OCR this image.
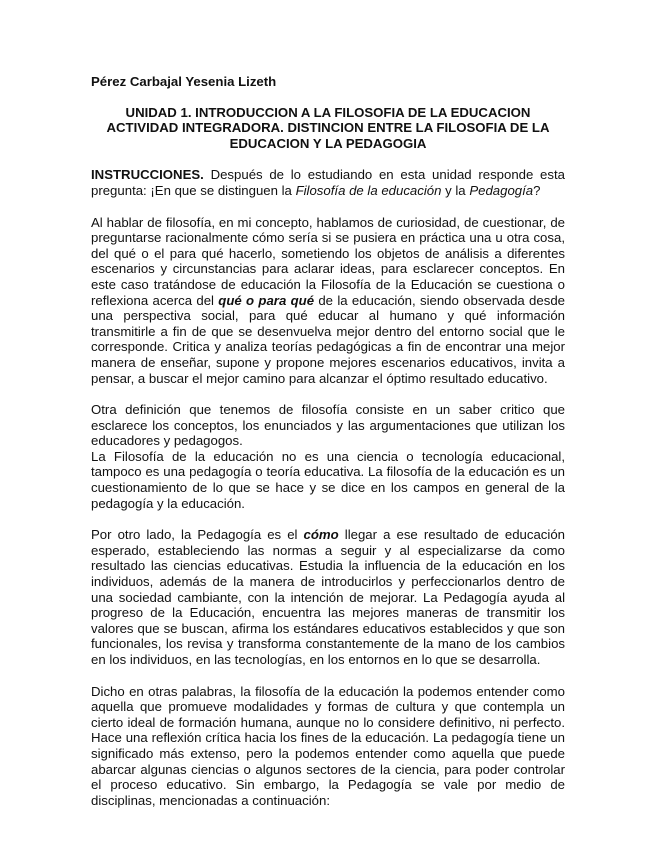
Pérez Carbajal Yesenia Lizeth
UNIDAD 1. INTRODUCCION A LA FILOSOFIA DE LA EDUCACION
ACTIVIDAD INTEGRADORA. DISTINCION ENTRE LA FILOSOFIA DE LA
EDUCACION Y LA PEDAGOGIA

INSTRUCCIONES. Después de lo estudiando en esta unidad responde esta pregunta: ¡En que se distinguen la Filosofía de la educación y la Pedagogía?

Al hablar de filosofía, en mi concepto, hablamos de curiosidad, de cuestionar, de preguntarse racionalmente cómo sería si se pusiera en práctica una u otra cosa, del qué o el para qué hacerlo, sometiendo los objetos de análisis a diferentes escenarios y circunstancias para aclarar ideas, para esclarecer conceptos. En este caso tratándose de educación la Filosofía de la Educación se cuestiona o reflexiona acerca del qué o para qué de la educación, siendo observada desde una perspectiva social, para qué educar al humano y qué información transmitirle a fin de que se desenvuelva mejor dentro del entorno social que le corresponde. Critica y analiza teorías pedagógicas a fin de encontrar una mejor manera de enseñar, supone y propone mejores escenarios educativos, invita a pensar, a buscar el mejor camino para alcanzar el óptimo resultado educativo.

Otra definición que tenemos de filosofía consiste en un saber critico que esclarece los conceptos, los enunciados y las argumentaciones que utilizan los educadores y pedagogos.

La Filosofía de la educación no es una ciencia o tecnología educacional, tampoco es una pedagogía o teoría educativa. La filosofía de la educación es un cuestionamiento de lo que se hace y se dice en los campos en general de la pedagogía y la educación.

Por otro lado, la Pedagogía es el cómo llegar a ese resultado de educación esperado, estableciendo las normas a seguir y al especializarse da como resultado las ciencias educativas. Estudia la influencia de la educación en los individuos, además de la manera de introducirlos y perfeccionarlos dentro de una sociedad cambiante, con la intención de mejorar. La Pedagogía ayuda al progreso de la Educación, encuentra las mejores maneras de transmitir los valores que se buscan, afirma los estándares educativos establecidos y que son funcionales, los revisa y transforma constantemente de la mano de los cambios en los individuos, en las tecnologías, en los entornos en lo que se desarrolla.

Dicho en otras palabras, la filosofía de la educación la podemos entender como aquella que promueve modalidades y formas de cultura y que contempla un cierto ideal de formación humana, aunque no lo considere definitivo, ni perfecto. Hace una reflexión crítica hacia los fines de la educación. La pedagogía tiene un significado más extenso, pero la podemos entender como aquella que puede abarcar algunas ciencias o algunos sectores de la ciencia, para poder controlar el proceso educativo. Sin embargo, la Pedagogía se vale por medio de disciplinas, mencionadas a continuación:
